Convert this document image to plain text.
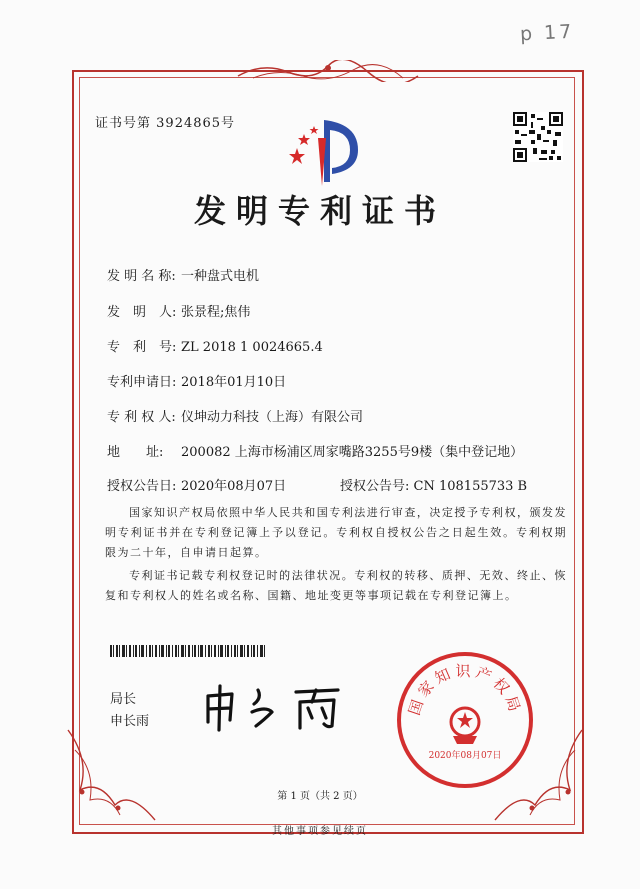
p 17
证书号第 3924865号
发明专利证书
发 明 名 称: 一种盘式电机
发　明　人: 张景程;焦伟
专　利　号: ZL 2018 1 0024665.4
专利申请日: 2018年01月10日
专 利 权 人: 仪坤动力科技（上海）有限公司
地　　址: 200082 上海市杨浦区周家嘴路3255号9楼（集中登记地）
授权公告日: 2020年08月07日	授权公告号: CN 108155733 B
国家知识产权局依照中华人民共和国专利法进行审查，决定授予专利权，颁发发明专利证书并在专利登记簿上予以登记。专利权自授权公告之日起生效。专利权期限为二十年，自申请日起算。
专利证书记载专利权登记时的法律状况。专利权的转移、质押、无效、终止、恢复和专利权人的姓名或名称、国籍、地址变更等事项记载在专利登记簿上。
局长
申长雨
国家知识产权局
2020年08月07日
第 1 页（共 2 页）
其他事项参见续页
